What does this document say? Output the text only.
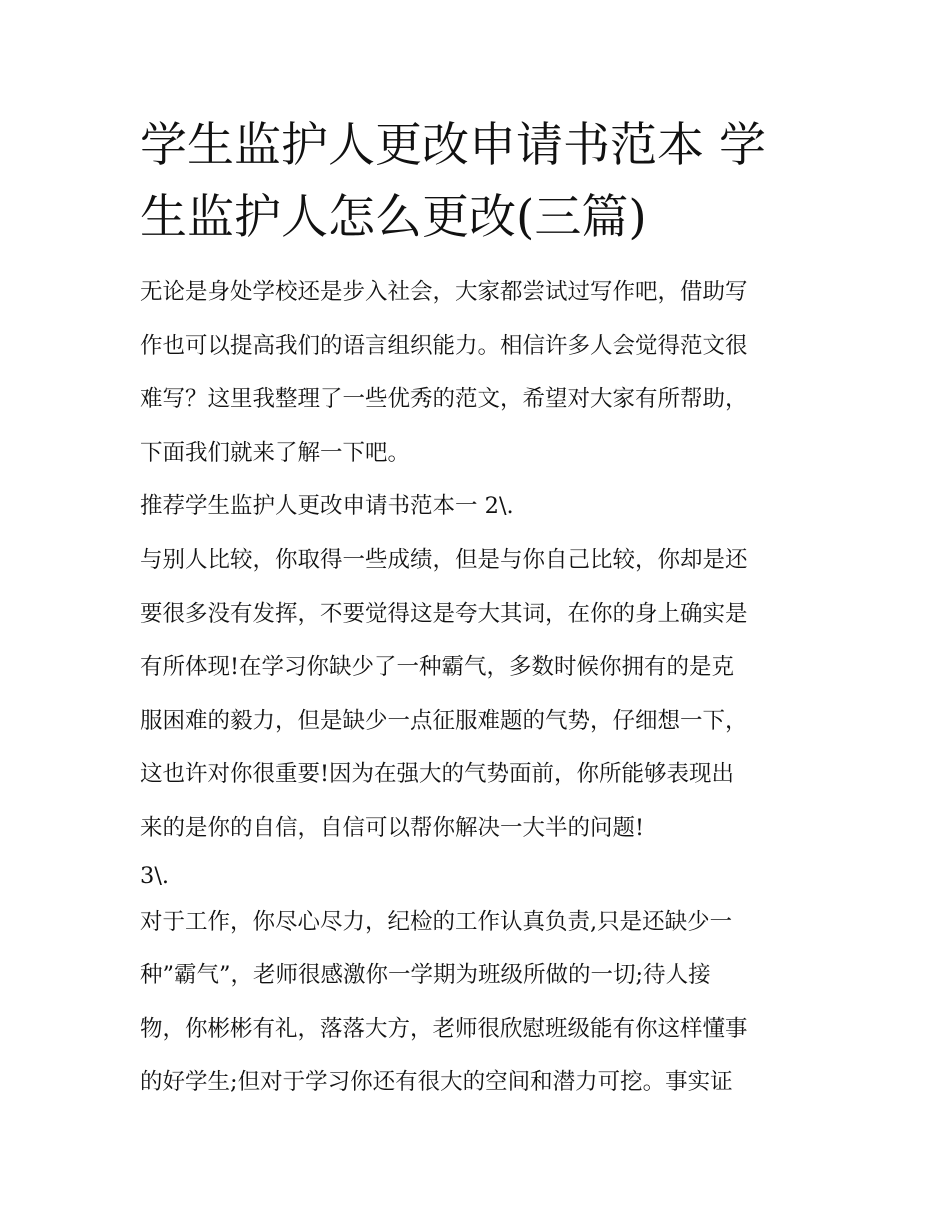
学生监护人更改申请书范本 学
生监护人怎么更改(三篇)
无论是身处学校还是步入社会，大家都尝试过写作吧，借助写
作也可以提高我们的语言组织能力。相信许多人会觉得范文很
难写？这里我整理了一些优秀的范文，希望对大家有所帮助，
下面我们就来了解一下吧。
推荐学生监护人更改申请书范本一 2\.
与别人比较，你取得一些成绩，但是与你自己比较，你却是还
要很多没有发挥，不要觉得这是夸大其词，在你的身上确实是
有所体现!在学习你缺少了一种霸气，多数时候你拥有的是克
服困难的毅力，但是缺少一点征服难题的气势，仔细想一下，
这也许对你很重要!因为在强大的气势面前，你所能够表现出
来的是你的自信，自信可以帮你解决一大半的问题!
3\.
对于工作，你尽心尽力，纪检的工作认真负责,只是还缺少一
种”霸气”，老师很感激你一学期为班级所做的一切;待人接
物，你彬彬有礼，落落大方，老师很欣慰班级能有你这样懂事
的好学生;但对于学习你还有很大的空间和潜力可挖。事实证
